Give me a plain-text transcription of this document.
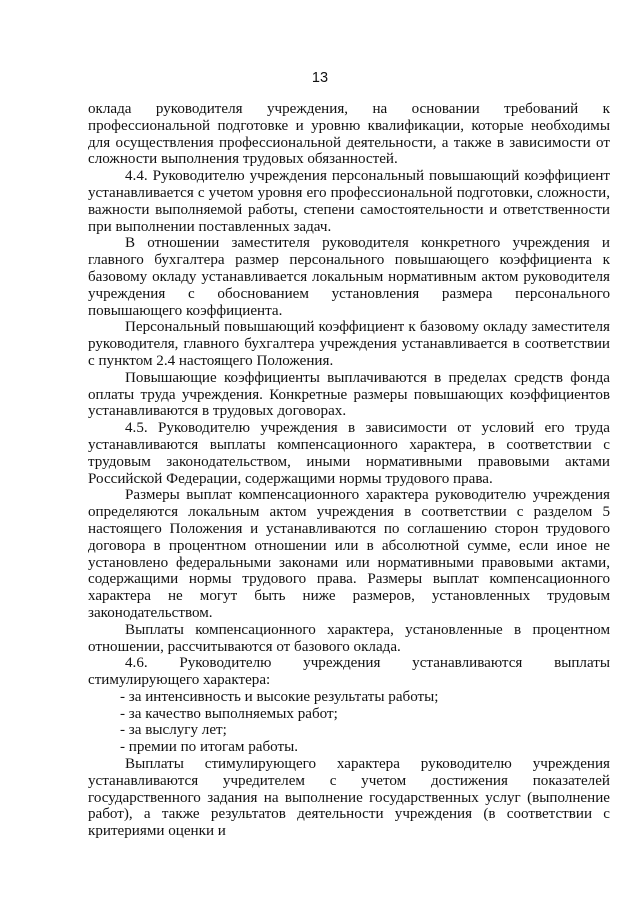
13

оклада руководителя учреждения, на основании требований к профессиональной подготовке и уровню квалификации, которые необходимы для осуществления профессиональной деятельности, а также в зависимости от сложности выполнения трудовых обязанностей.

4.4. Руководителю учреждения персональный повышающий коэффициент устанавливается с учетом уровня его профессиональной подготовки, сложности, важности выполняемой работы, степени самостоятельности и ответственности при выполнении поставленных задач.

В отношении заместителя руководителя конкретного учреждения и главного бухгалтера размер персонального повышающего коэффициента к базовому окладу устанавливается локальным нормативным актом руководителя учреждения с обоснованием установления размера персонального повышающего коэффициента.

Персональный повышающий коэффициент к базовому окладу заместителя руководителя, главного бухгалтера учреждения устанавливается в соответствии с пунктом 2.4 настоящего Положения.

Повышающие коэффициенты выплачиваются в пределах средств фонда оплаты труда учреждения. Конкретные размеры повышающих коэффициентов устанавливаются в трудовых договорах.

4.5. Руководителю учреждения в зависимости от условий его труда устанавливаются выплаты компенсационного характера, в соответствии с трудовым законодательством, иными нормативными правовыми актами Российской Федерации, содержащими нормы трудового права.

Размеры выплат компенсационного характера руководителю учреждения определяются локальным актом учреждения в соответствии с разделом 5 настоящего Положения и устанавливаются по соглашению сторон трудового договора в процентном отношении или в абсолютной сумме, если иное не установлено федеральными законами или нормативными правовыми актами, содержащими нормы трудового права. Размеры выплат компенсационного характера не могут быть ниже размеров, установленных трудовым законодательством.

Выплаты компенсационного характера, установленные в процентном отношении, рассчитываются от базового оклада.

4.6. Руководителю учреждения устанавливаются выплаты стимулирующего характера:

- за интенсивность и высокие результаты работы;

- за качество выполняемых работ;

- за выслугу лет;

- премии по итогам работы.

Выплаты стимулирующего характера руководителю учреждения устанавливаются учредителем с учетом достижения показателей государственного задания на выполнение государственных услуг (выполнение работ), а также результатов деятельности учреждения (в соответствии с критериями оценки и
